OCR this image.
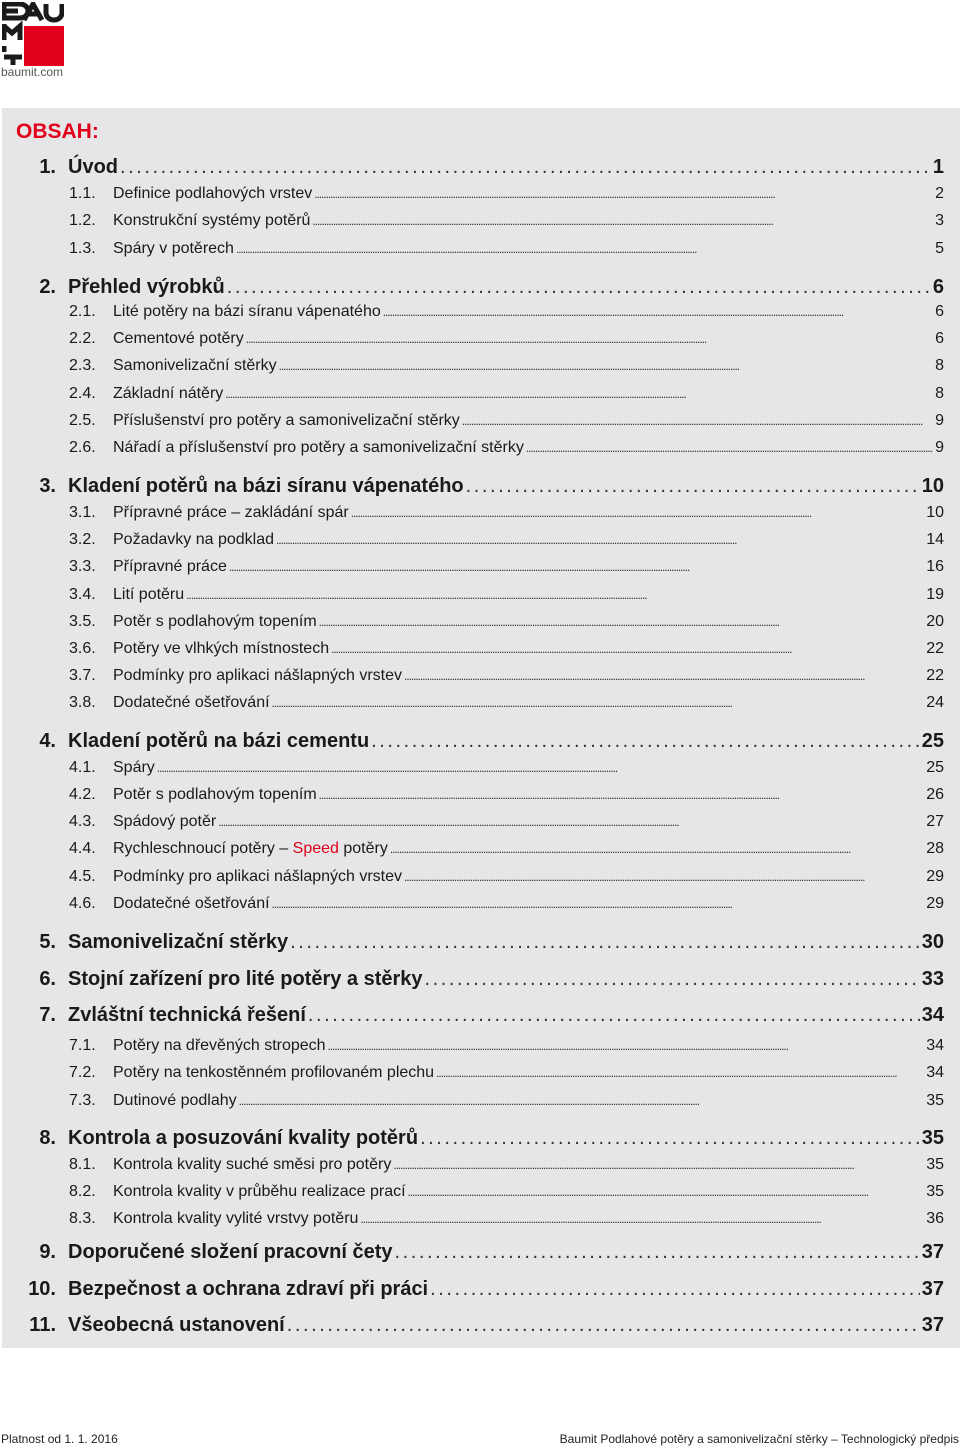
baumit.com
OBSAH:
1. Úvod . . .	1
1.1. Definice podlahových vrstev . . .	2
1.2. Konstrukční systémy potěrů . . .	3
1.3. Spáry v potěrech . . .	5
2. Přehled výrobků . . .	6
2.1. Lité potěry na bázi síranu vápenatého . . .	6
2.2. Cementové potěry . . .	6
2.3. Samonivelizační stěrky . . .	8
2.4. Základní nátěry . . .	8
2.5. Příslušenství pro potěry a samonivelizační stěrky . . .	9
2.6. Nářadí a příslušenství pro potěry a samonivelizační stěrky . . .	9
3. Kladení potěrů na bázi síranu vápenatého . . .	10
3.1. Přípravné práce – zakládání spár . . .	10
3.2. Požadavky na podklad . . .	14
3.3. Přípravné práce . . .	16
3.4. Lití potěru . . .	19
3.5. Potěr s podlahovým topením . . .	20
3.6. Potěry ve vlhkých místnostech . . .	22
3.7. Podmínky pro aplikaci nášlapných vrstev . . .	22
3.8. Dodatečné ošetřování . . .	24
4. Kladení potěrů na bázi cementu . . .	25
4.1. Spáry . . .	25
4.2. Potěr s podlahovým topením . . .	26
4.3. Spádový potěr . . .	27
4.4. Rychleschnoucí potěry – Speed potěry . . .	28
4.5. Podmínky pro aplikaci nášlapných vrstev . . .	29
4.6. Dodatečné ošetřování . . .	29
5. Samonivelizační stěrky . . .	30
6. Stojní zařízení pro lité potěry a stěrky . . .	33
7. Zvláštní technická řešení . . .	34
7.1. Potěry na dřevěných stropech . . .	34
7.2. Potěry na tenkostěnném profilovaném plechu . . .	34
7.3. Dutinové podlahy . . .	35
8. Kontrola a posuzování kvality potěrů . . .	35
8.1. Kontrola kvality suché směsi pro potěry . . .	35
8.2. Kontrola kvality v průběhu realizace prací . . .	35
8.3. Kontrola kvality vylité vrstvy potěru . . .	36
9. Doporučené složení pracovní čety . . .	37
10. Bezpečnost a ochrana zdraví při práci . . .	37
11. Všeobecná ustanovení . . .	37
Platnost od 1. 1. 2016	Baumit Podlahové potěry a samonivelizační stěrky – Technologický předpis
